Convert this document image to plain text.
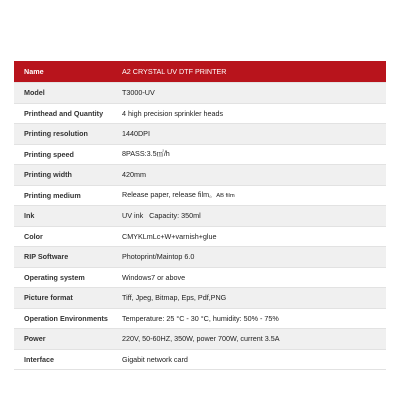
Name	A2 CRYSTAL UV DTF PRINTER
Model	T3000-UV
Printhead and Quantity	4 high precision sprinkler heads
Printing resolution	1440DPI
Printing speed	8PASS:3.5㎡/h
Printing width	420mm
Printing medium	Release paper, release film。AB film
Ink	UV ink   Capacity: 350ml
Color	CMYKLmLc+W+varnish+glue
RIP Software	Photoprint/Maintop 6.0
Operating system	Windows7 or above
Picture format	Tiff, Jpeg, Bitmap, Eps, Pdf,PNG
Operation Environments	Temperature: 25 °C - 30 °C, humidity: 50% - 75%
Power	220V, 50-60HZ, 350W, power 700W, current 3.5A
Interface	Gigabit network card
